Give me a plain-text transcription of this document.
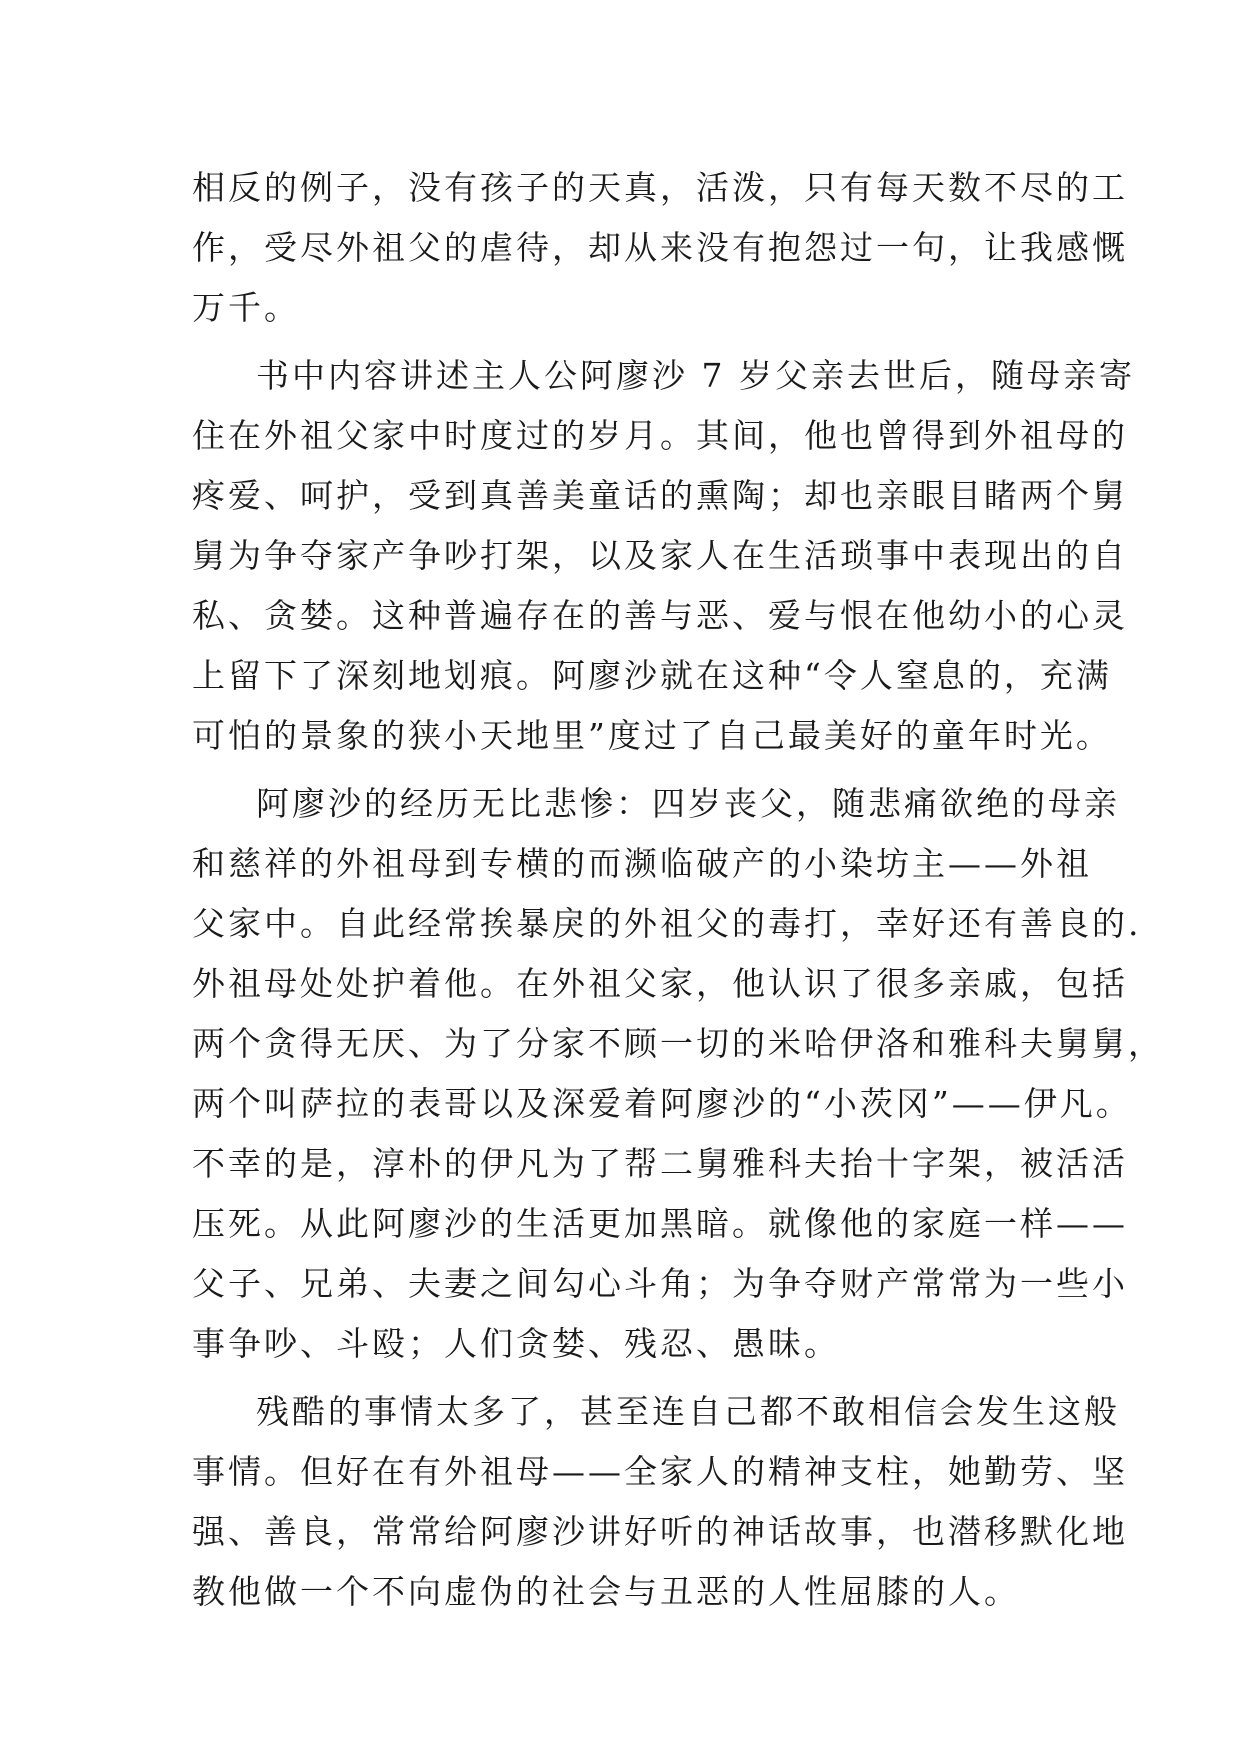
相反的例子，没有孩子的天真，活泼，只有每天数不尽的工
作，受尽外祖父的虐待，却从来没有抱怨过一句，让我感慨
万千。
书中内容讲述主人公阿廖沙 7 岁父亲去世后，随母亲寄
住在外祖父家中时度过的岁月。其间，他也曾得到外祖母的
疼爱、呵护，受到真善美童话的熏陶；却也亲眼目睹两个舅
舅为争夺家产争吵打架，以及家人在生活琐事中表现出的自
私、贪婪。这种普遍存在的善与恶、爱与恨在他幼小的心灵
上留下了深刻地划痕。阿廖沙就在这种“令人窒息的，充满
可怕的景象的狭小天地里”度过了自己最美好的童年时光。
阿廖沙的经历无比悲惨：四岁丧父，随悲痛欲绝的母亲
和慈祥的外祖母到专横的而濒临破产的小染坊主——外祖
父家中。自此经常挨暴戾的外祖父的毒打，幸好还有善良的.
外祖母处处护着他。在外祖父家，他认识了很多亲戚，包括
两个贪得无厌、为了分家不顾一切的米哈伊洛和雅科夫舅舅，
两个叫萨拉的表哥以及深爱着阿廖沙的“小茨冈”——伊凡。
不幸的是，淳朴的伊凡为了帮二舅雅科夫抬十字架，被活活
压死。从此阿廖沙的生活更加黑暗。就像他的家庭一样——
父子、兄弟、夫妻之间勾心斗角；为争夺财产常常为一些小
事争吵、斗殴；人们贪婪、残忍、愚昧。
残酷的事情太多了，甚至连自己都不敢相信会发生这般
事情。但好在有外祖母——全家人的精神支柱，她勤劳、坚
强、善良，常常给阿廖沙讲好听的神话故事，也潜移默化地
教他做一个不向虚伪的社会与丑恶的人性屈膝的人。
